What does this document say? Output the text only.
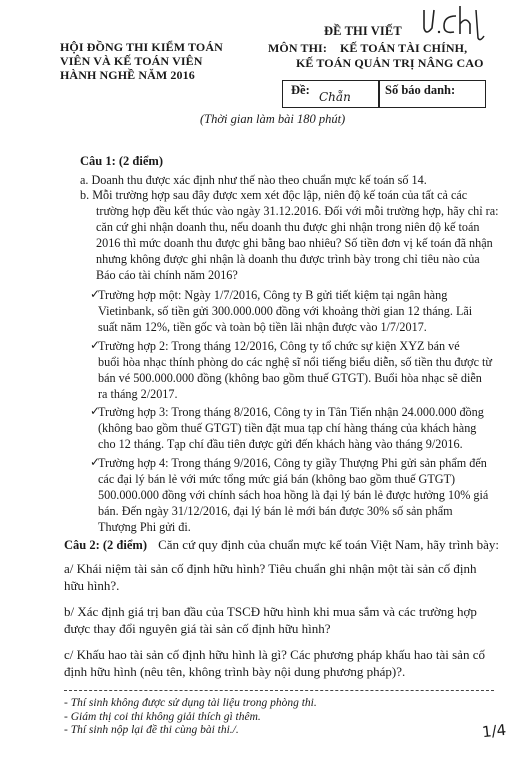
HỘI ĐỒNG THI KIỂM TOÁN
VIÊN VÀ KẾ TOÁN VIÊN
HÀNH NGHỀ NĂM 2016
ĐỀ THI VIẾT
MÔN THI: KẾ TOÁN TÀI CHÍNH,
KẾ TOÁN QUẢN TRỊ NÂNG CAO
Đề: Chẵn	Số báo danh:
(Thời gian làm bài 180 phút)
Câu 1: (2 điểm)
a. Doanh thu được xác định như thế nào theo chuẩn mực kế toán số 14.
b. Mỗi trường hợp sau đây được xem xét độc lập, niên độ kế toán của tất cả các
trường hợp đều kết thúc vào ngày 31.12.2016. Đối với mỗi trường hợp, hãy chỉ ra:
căn cứ ghi nhận doanh thu, nếu doanh thu được ghi nhận trong niên độ kế toán
2016 thì mức doanh thu được ghi bằng bao nhiêu? Số tiền đơn vị kế toán đã nhận
nhưng không được ghi nhận là doanh thu được trình bày trong chỉ tiêu nào của
Báo cáo tài chính năm 2016?
✓
Trường hợp một: Ngày 1/7/2016, Công ty B gửi tiết kiệm tại ngân hàng
Vietinbank, số tiền gửi 300.000.000 đồng với khoảng thời gian 12 tháng. Lãi
suất năm 12%, tiền gốc và toàn bộ tiền lãi nhận được vào 1/7/2017.
✓
Trường hợp 2: Trong tháng 12/2016, Công ty tổ chức sự kiện XYZ bán vé
buổi hòa nhạc thính phòng do các nghệ sĩ nổi tiếng biểu diễn, số tiền thu được từ
bán vé 500.000.000 đồng (không bao gồm thuế GTGT). Buổi hòa nhạc sẽ diễn
ra tháng 2/2017.
✓
Trường hợp 3: Trong tháng 8/2016, Công ty in Tân Tiến nhận 24.000.000 đồng
(không bao gồm thuế GTGT) tiền đặt mua tạp chí hàng tháng của khách hàng
cho 12 tháng. Tạp chí đầu tiên được gửi đến khách hàng vào tháng 9/2016.
✓
Trường hợp 4: Trong tháng 9/2016, Công ty giầy Thượng Phi gửi sản phẩm đến
các đại lý bán lẻ với mức tổng mức giá bán (không bao gồm thuế GTGT)
500.000.000 đồng với chính sách hoa hồng là đại lý bán lẻ được hưởng 10% giá
bán. Đến ngày 31/12/2016, đại lý bán lẻ mới bán được 30% số sản phẩm
Thượng Phi gửi đi.
Câu 2: (2 điểm) Căn cứ quy định của chuẩn mực kế toán Việt Nam, hãy trình bày:
a/ Khái niệm tài sản cố định hữu hình? Tiêu chuẩn ghi nhận một tài sản cố định
hữu hình?.
b/ Xác định giá trị ban đầu của TSCĐ hữu hình khi mua sắm và các trường hợp
được thay đổi nguyên giá tài sản cố định hữu hình?
c/ Khấu hao tài sản cố định hữu hình là gì? Các phương pháp khấu hao tài sản cố
định hữu hình (nêu tên, không trình bày nội dung phương pháp)?.
- Thí sinh không được sử dụng tài liệu trong phòng thi.
- Giám thị coi thi không giải thích gì thêm.
- Thí sinh nộp lại đề thi cùng bài thi./.	1/4
